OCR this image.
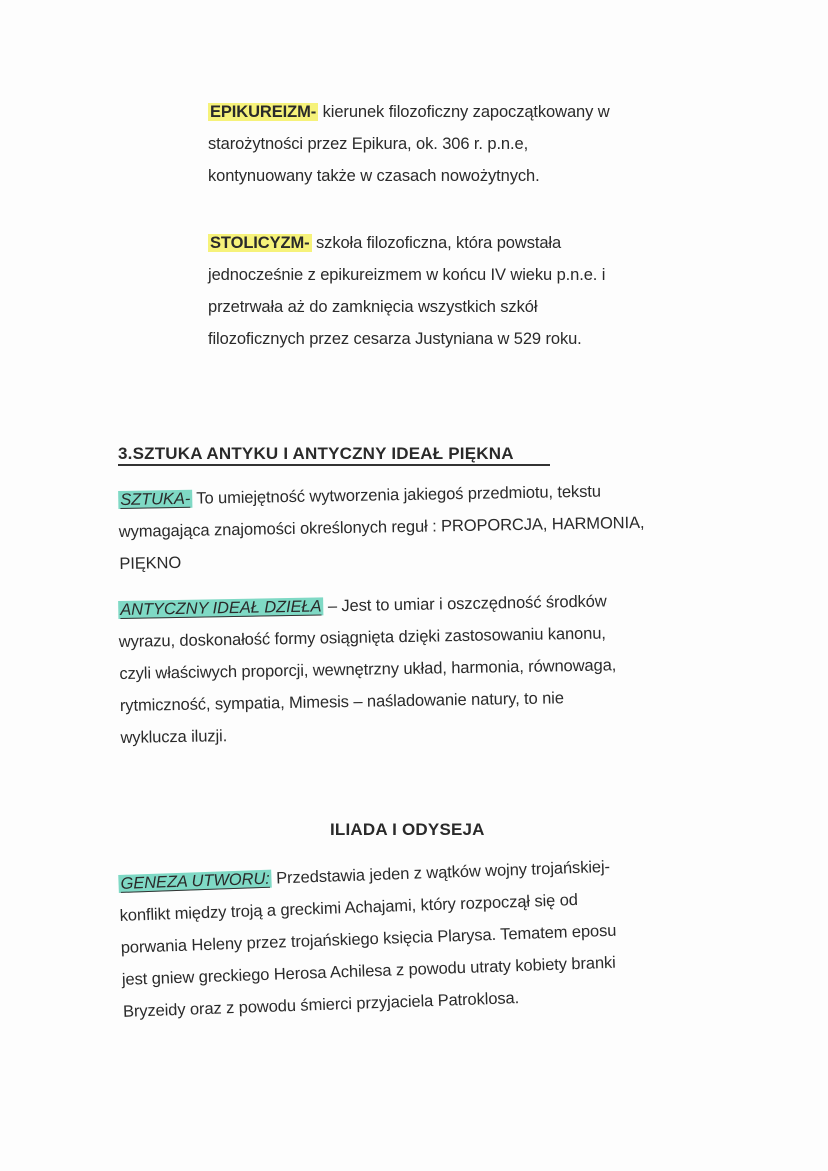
EPIKUREIZM- kierunek filozoficzny zapoczątkowany w
starożytności przez Epikura, ok. 306 r. p.n.e,
kontynuowany także w czasach nowożytnych.
STOLICYZM- szkoła filozoficzna, która powstała
jednocześnie z epikureizmem w końcu IV wieku p.n.e. i
przetrwała aż do zamknięcia wszystkich szkół
filozoficznych przez cesarza Justyniana w 529 roku.
3.SZTUKA ANTYKU I ANTYCZNY IDEAŁ PIĘKNA
SZTUKA- To umiejętność wytworzenia jakiegoś przedmiotu, tekstu
wymagająca znajomości określonych reguł : PROPORCJA, HARMONIA,
PIĘKNO
ANTYCZNY IDEAŁ DZIEŁA – Jest to umiar i oszczędność środków
wyrazu, doskonałość formy osiągnięta dzięki zastosowaniu kanonu,
czyli właściwych proporcji, wewnętrzny układ, harmonia, równowaga,
rytmiczność, sympatia, Mimesis – naśladowanie natury, to nie
wyklucza iluzji.
ILIADA I ODYSEJA
GENEZA UTWORU: Przedstawia jeden z wątków wojny trojańskiej-
konflikt między troją a greckimi Achajami, który rozpoczął się od
porwania Heleny przez trojańskiego księcia Plarysa. Tematem eposu
jest gniew greckiego Herosa Achilesa z powodu utraty kobiety branki
Bryzeidy oraz z powodu śmierci przyjaciela Patroklosa.
